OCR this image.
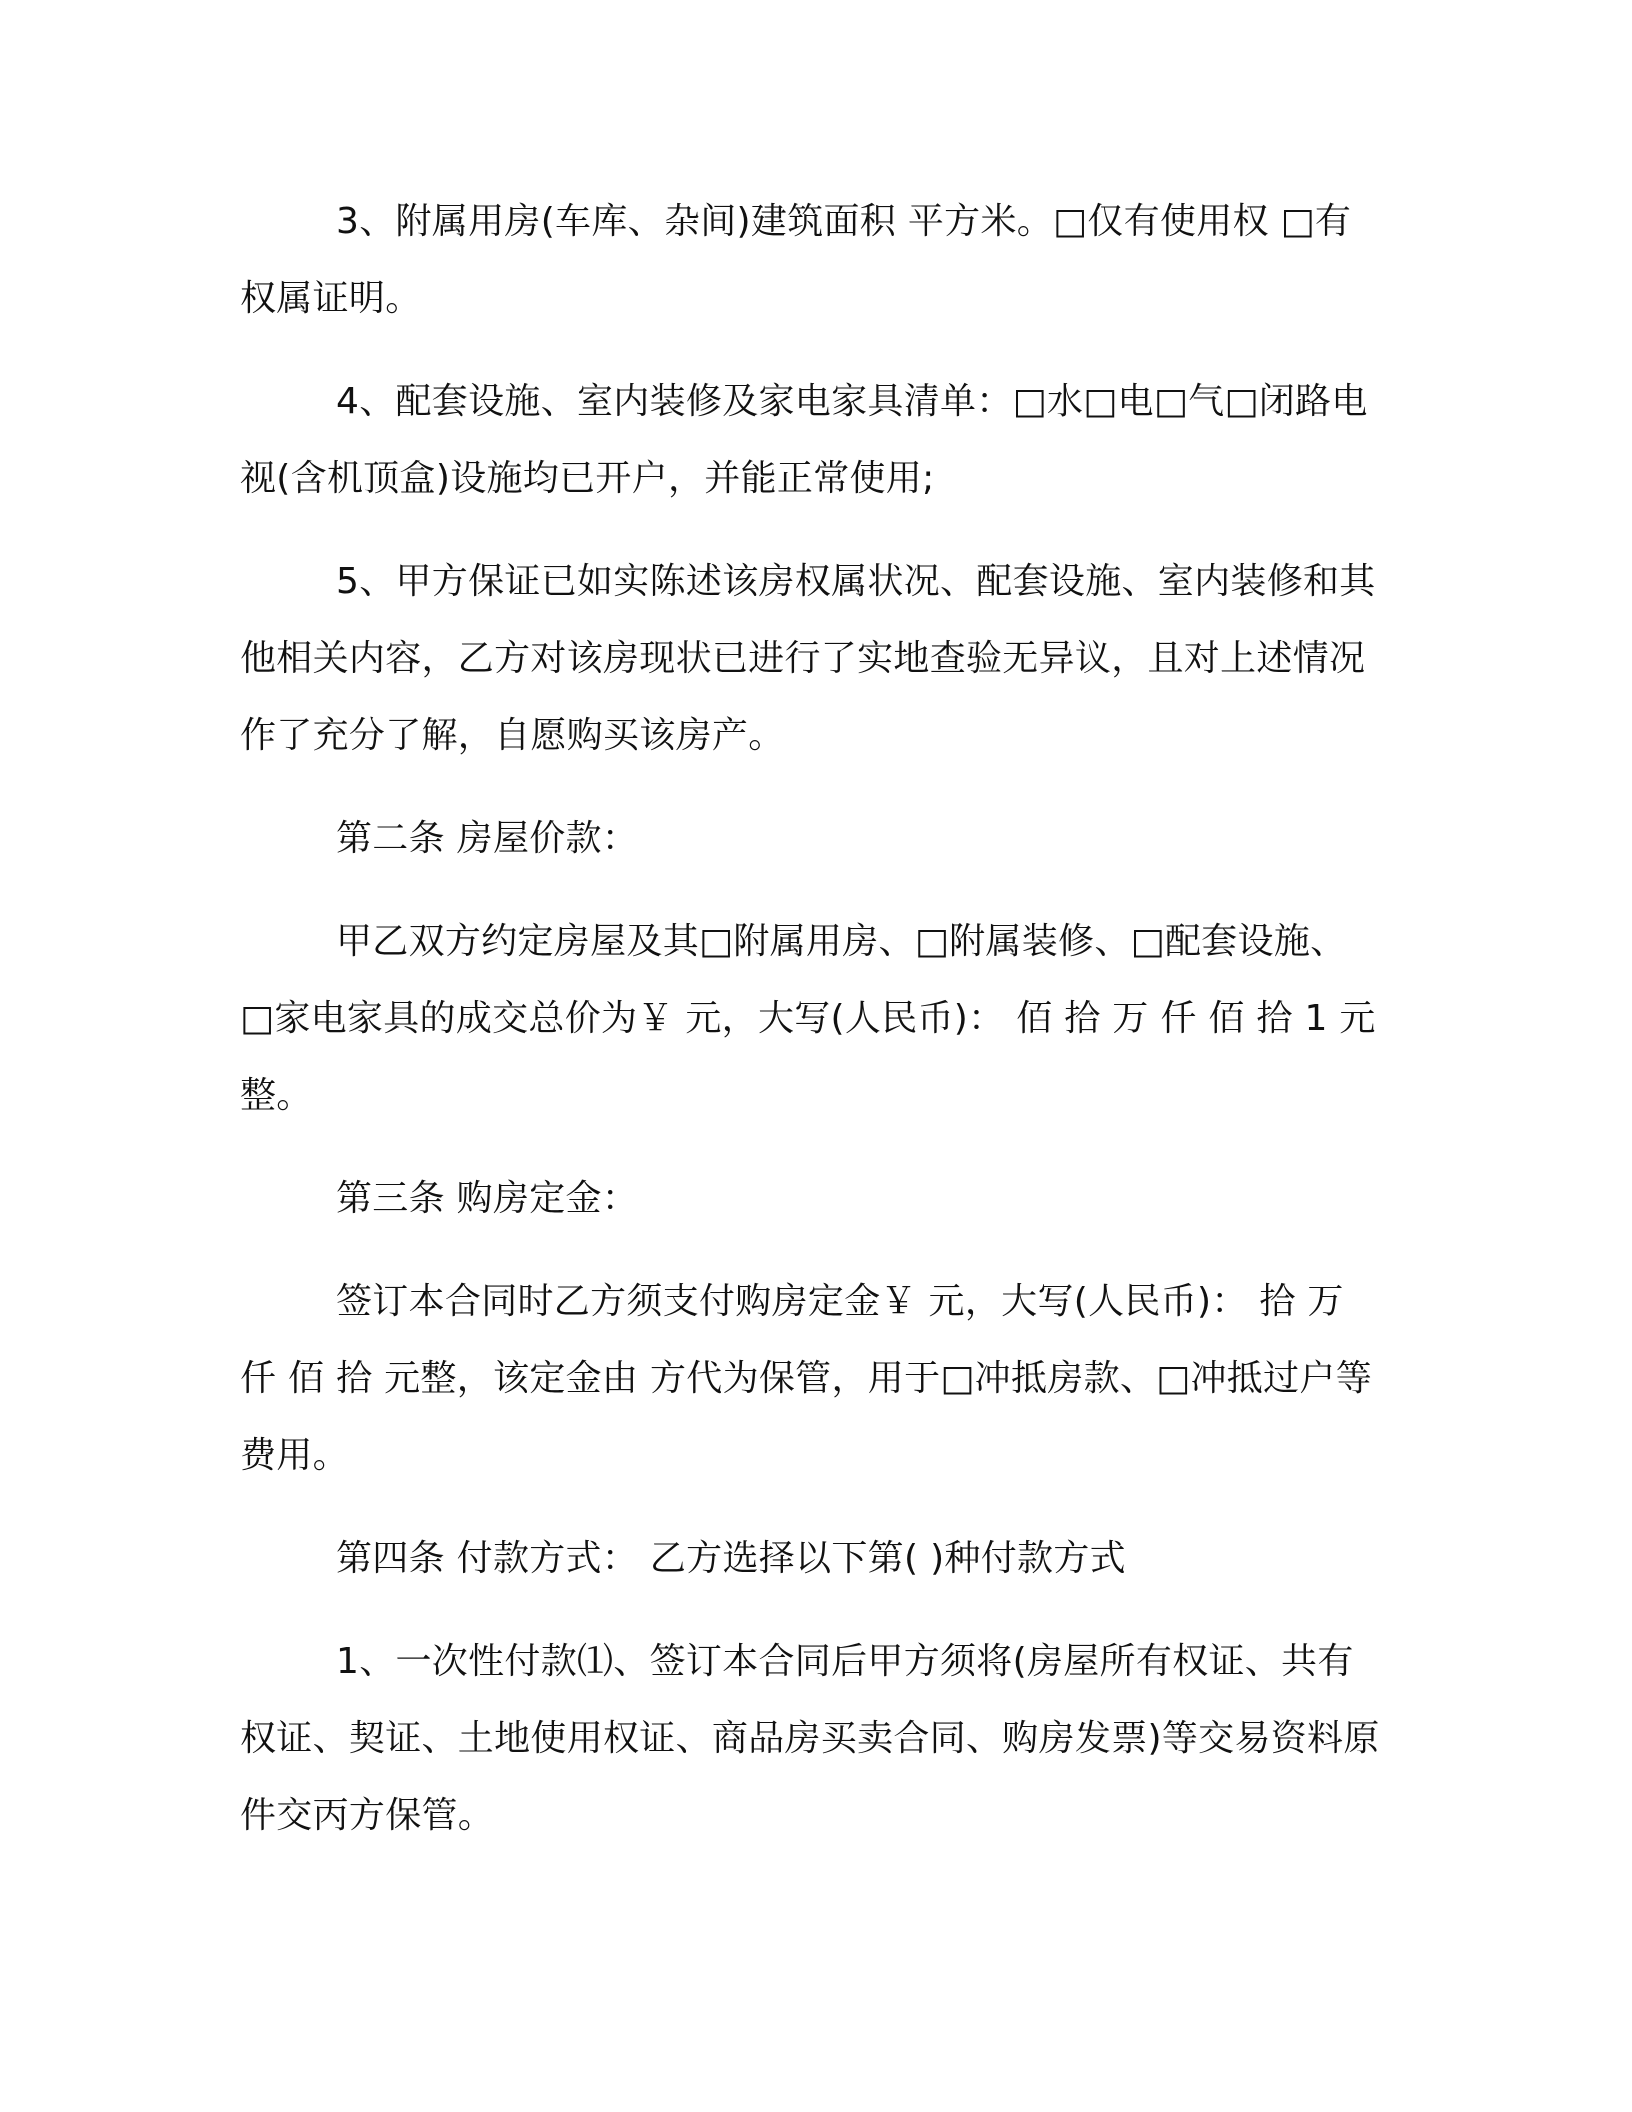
3、附属用房(车库、杂间)建筑面积 平方米。□仅有使用权 □有权属证明。

4、配套设施、室内装修及家电家具清单：□水□电□气□闭路电视(含机顶盒)设施均已开户，并能正常使用;

5、甲方保证已如实陈述该房权属状况、配套设施、室内装修和其他相关内容，乙方对该房现状已进行了实地查验无异议，且对上述情况作了充分了解，自愿购买该房产。

第二条 房屋价款：

甲乙双方约定房屋及其□附属用房、□附属装修、□配套设施、□家电家具的成交总价为￥ 元，大写(人民币)： 佰 拾 万 仟 佰 拾 1 元整。

第三条 购房定金：

签订本合同时乙方须支付购房定金￥ 元，大写(人民币)： 拾 万 仟 佰 拾 元整，该定金由 方代为保管，用于□冲抵房款、□冲抵过户等费用。

第四条 付款方式： 乙方选择以下第( )种付款方式

1、一次性付款⑴、签订本合同后甲方须将(房屋所有权证、共有权证、契证、土地使用权证、商品房买卖合同、购房发票)等交易资料原件交丙方保管。
